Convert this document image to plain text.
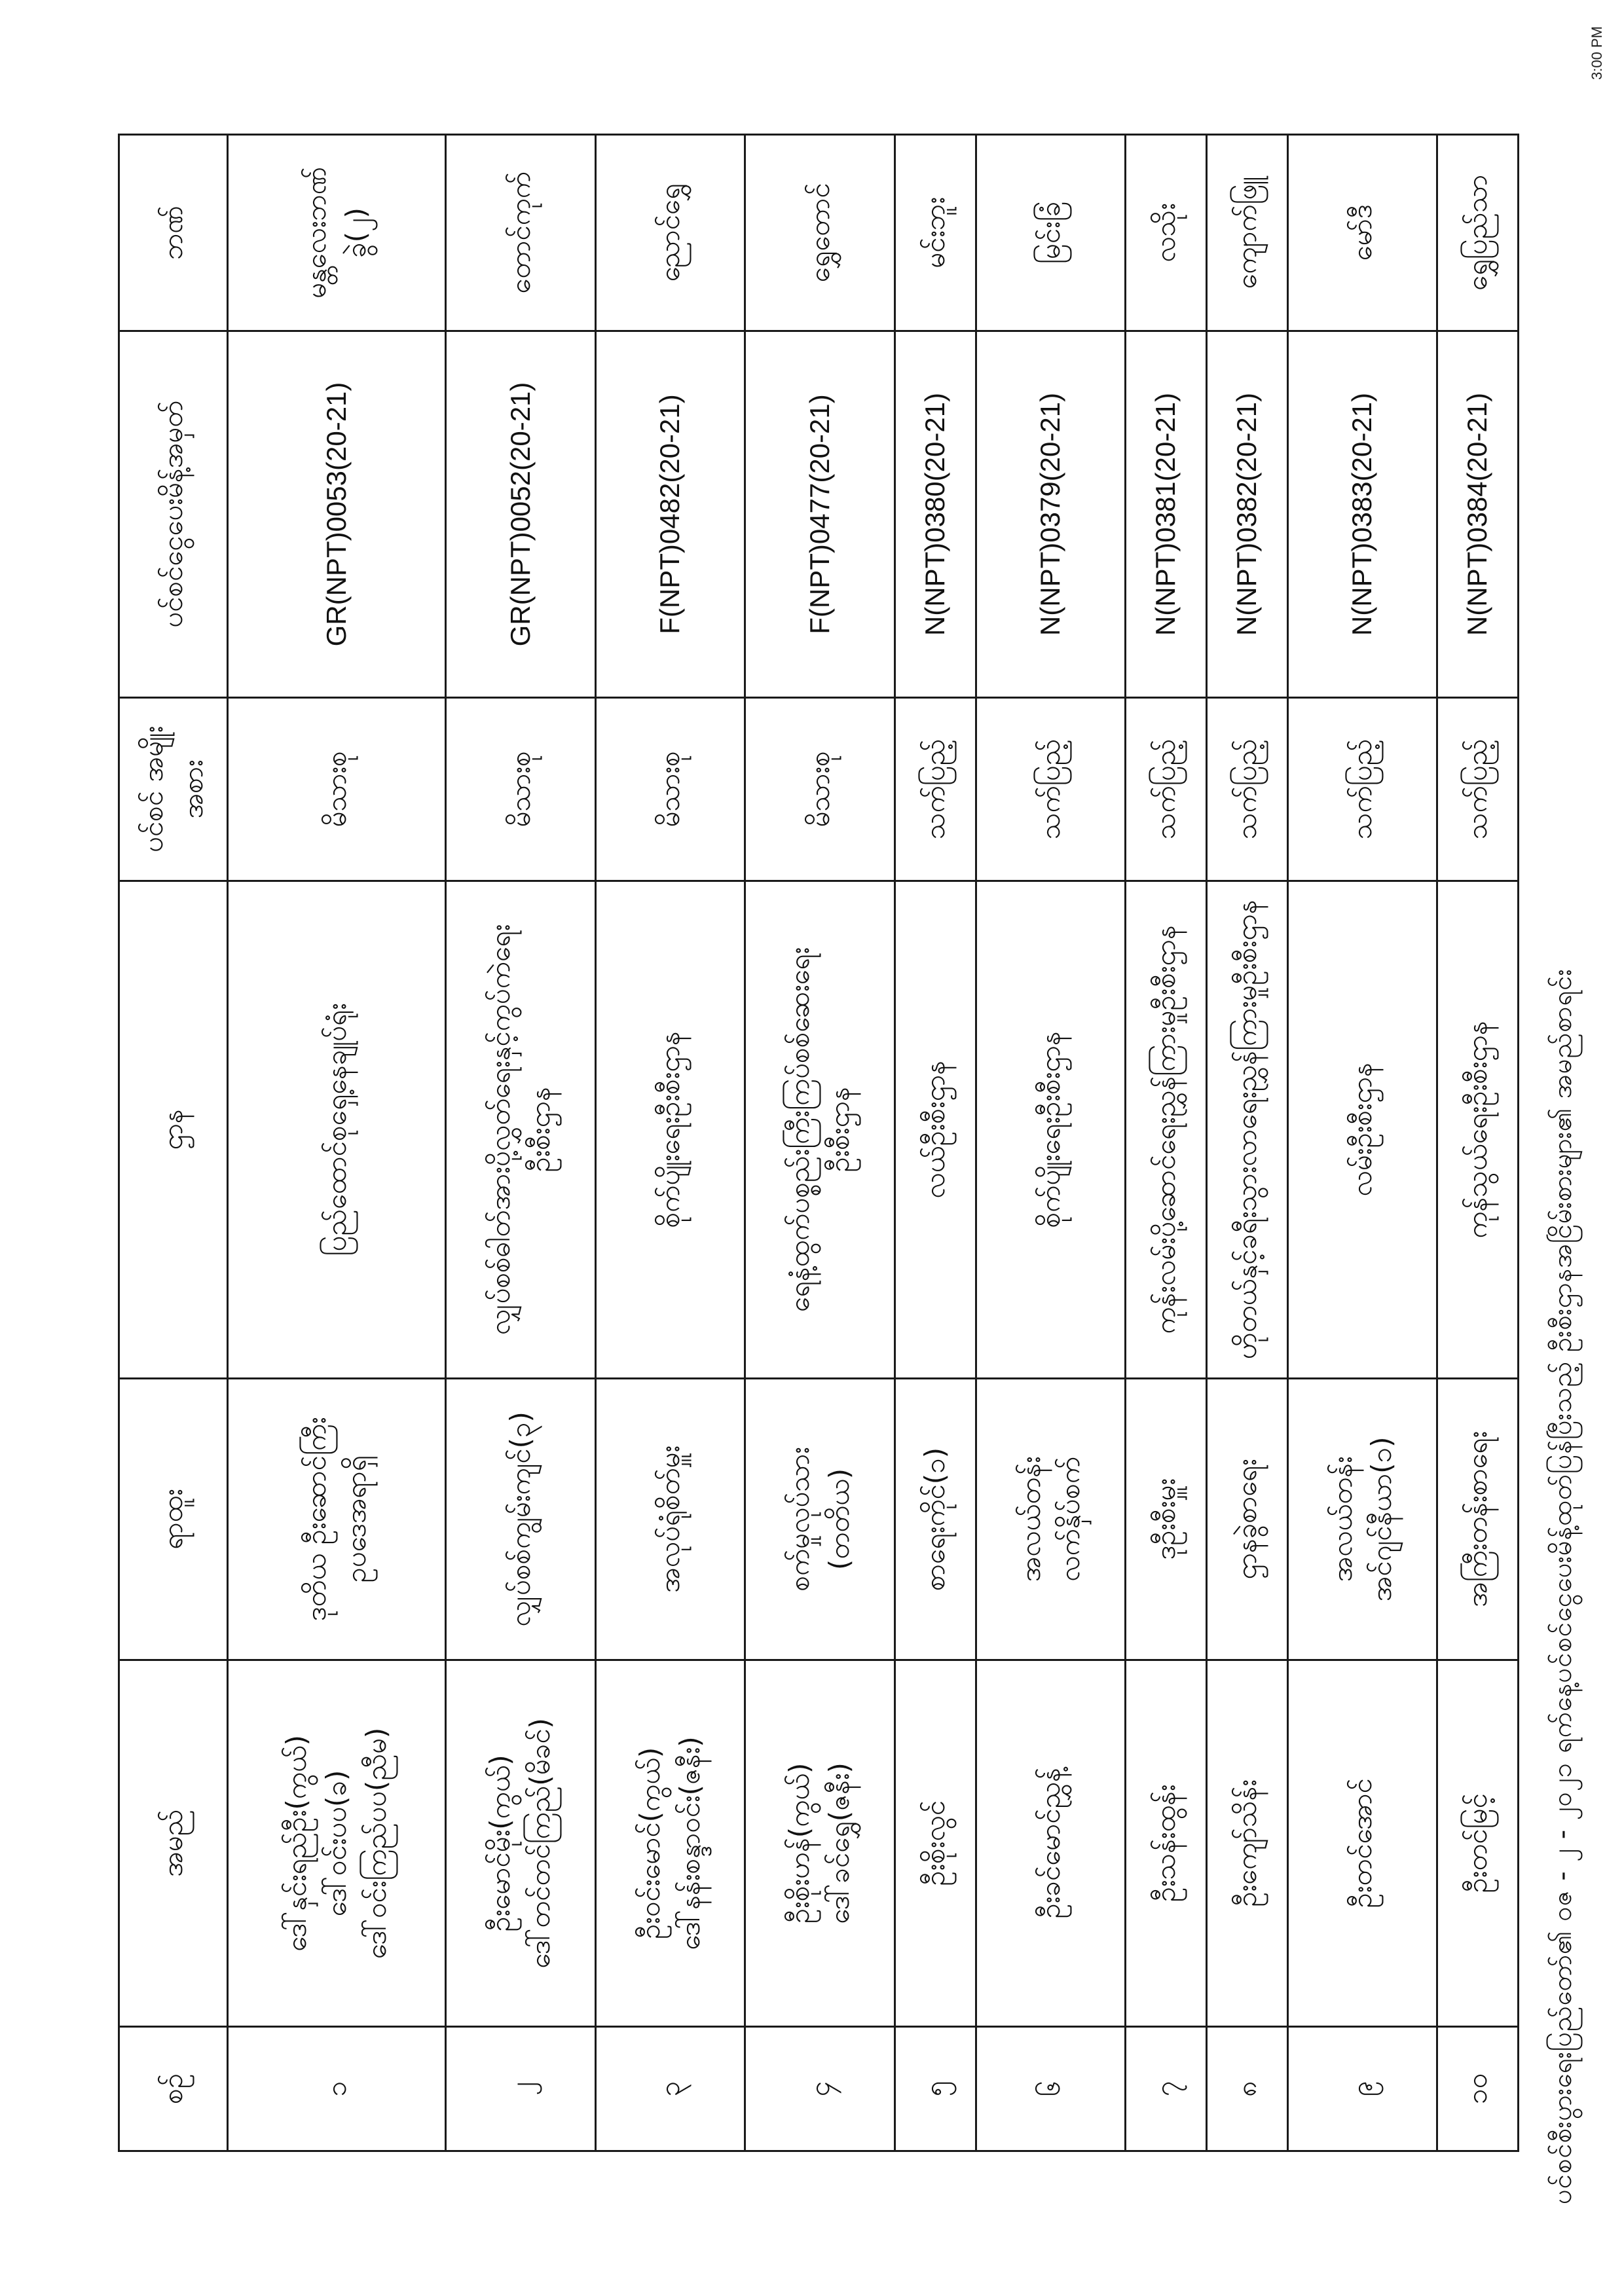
ပင်စင်စီးပွားရေးပြည်တော်၏ ဝဇ - ၂ - ၂၀၂၁ ရက်နေ့ပင်စင်ငွေပေးမိန့်ထုတ်ပြန်ပြီးသည့် ဦးစီးဌာနအငြိမ်းစားများ၏ အမည်စာရင်း
စဉ်	အမည်	ရာထူး	ဌာန	ပင်စင် အမျိုးအစား	ပင်စင်ငွေပေးမိန့်အမှတ်	ဘဏ်
၁	ဒေါ်နှင်းရည်ဦး(ကွယ်) ဒေါ်ဝင်းပပ(ခ) ဒေါ်ဝင်းကြည်ပပ(ညီမ)	ဒုတိယ ဦးဆောင်ကြီး ဥပဒေအရာရှိ	ပြည်ထောင်စုရှေ့နေချုပ်ရုံး	မိသားစု	GR(NPT)0053(20-21)	မန္တလေးဘဏ်ခွဲ(၂)
၂	ဦးမောင်မိုး(ကွယ်) ဒေါ်တင်တင်ကြည်(မိခင်)	လျှပ်စစ်ကျွမ်းကျင်(၃)	လျှပ်စစ်ဓါတ်အားပို့လွှတ်ရေးနှင့်ကွပ်ကဲရေး ဦးစီးဌာန	မိသားစု	GR(NPT)0052(20-21)	တောင်ကုက်
၃	ဦးဝင်းမောင်(ကွယ်) ဒေါ်နန်းစန္ဒာဝင်း(ဇနီး)	အလုပ်ရုံစိတ်မှူး	စိုက်ပျိုးရေးဦးစီးဌာန	မိသားစု	F(NPT)0482(20-21)	ညောင်ရွှေ
၄	ဦးစိုးဟန်(ကွယ်) ဒေါ်ခင်ရွှေ(ဇနီး)	စက်မှုလုပ်သား (တတိယ)	ရေနံ့ထွက်ပစ္စည်းကြီးကြပ်စစ်ဆေးရေး ဦးစီးဌာန	မိသားစု	F(NPT)0477(20-21)	ရွှေတောင်
၅	ဦးစိုးလွင်	စာရေးကိုင်(၁)	လယ်ဦးစီးဌာန	သက်ပြည့်	N(NPT)0380(20-21)	မင်းဘူး
၆	ဦးခင်မောင်ညွှန့်	အလယ်တန်း လက်နှိပ်စက်	စိုက်ပျိုးရေးဦးစီးဌာန	သက်ပြည့်	N(NPT)0379(20-21)	မြင်းခြံ
၇	ဦးသန်းထွန်း	ဒုဦးစီးမှူး	ကုန်းလမ်းပို့ဆောင်ရေးညွှန်ကြားမှုဦးစီးဌာန	သက်ပြည့်	N(NPT)0381(20-21)	လသိုး
၈	ဦးကျော်သိန်း	ဌာနခွဲစာရေး	ဟိုတယ်နှင့်ခရီးသွားလာရေးညွှန်ကြားမှုဦးစီးဌာန	သက်ပြည့်	N(NPT)0382(20-21)	ကျောက်ဖြူ
၉	ဦးတင်အောင်	အလယ်တန်း အင်ဂျင်နီယာ(၁)	လမ်းဦးစီးဌာန	သက်ပြည့်	N(NPT)0383(20-21)	မော်ဒီ
၁၀	ဦးတင်မြင့်	အကြီးတန်းစာရေး	ကုန်သွယ်ရေးဦးစီးဌာန	သက်ပြည့်	N(NPT)0384(20-21)	ရွှေပြည်သာ
3:00 PM
